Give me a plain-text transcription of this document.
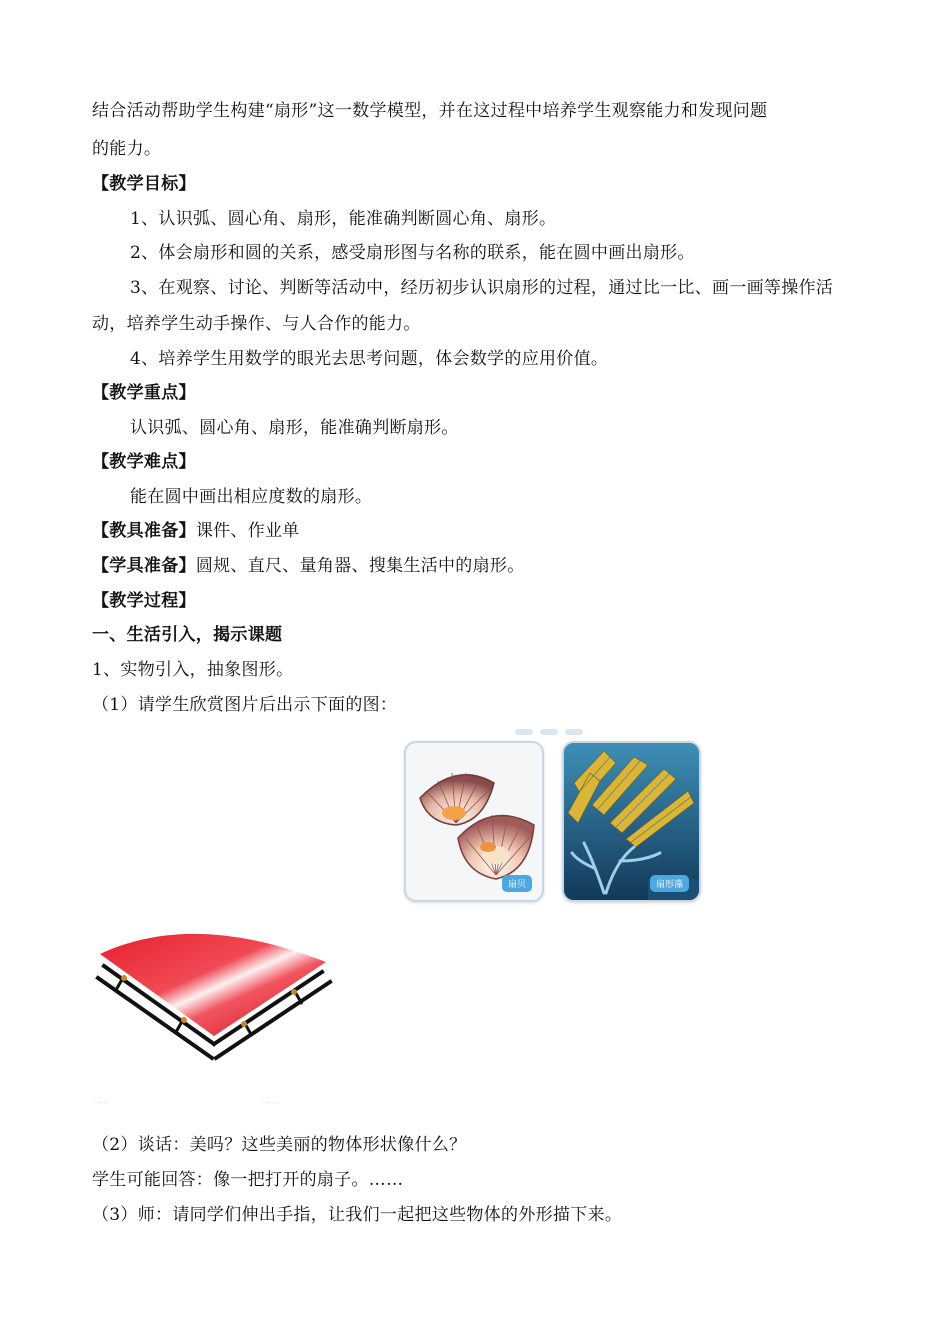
结合活动帮助学生构建“扇形”这一数学模型，并在这过程中培养学生观察能力和发现问题
的能力。
【教学目标】
1、认识弧、圆心角、扇形，能准确判断圆心角、扇形。
2、体会扇形和圆的关系，感受扇形图与名称的联系，能在圆中画出扇形。
3、在观察、讨论、判断等活动中，经历初步认识扇形的过程，通过比一比、画一画等操作活
动，培养学生动手操作、与人合作的能力。
4、培养学生用数学的眼光去思考问题，体会数学的应用价值。
【教学重点】
认识弧、圆心角、扇形，能准确判断扇形。
【教学难点】
能在圆中画出相应度数的扇形。
【教具准备】课件、作业单
【学具准备】圆规、直尺、量角器、搜集生活中的扇形。
【教学过程】
一、生活引入，揭示课题
1、实物引入，抽象图形。
（1）请学生欣赏图片后出示下面的图：
扇贝	扇形藻
·······	·········
（2）谈话：美吗？这些美丽的物体形状像什么？
学生可能回答：像一把打开的扇子。……
（3）师：请同学们伸出手指，让我们一起把这些物体的外形描下来。
